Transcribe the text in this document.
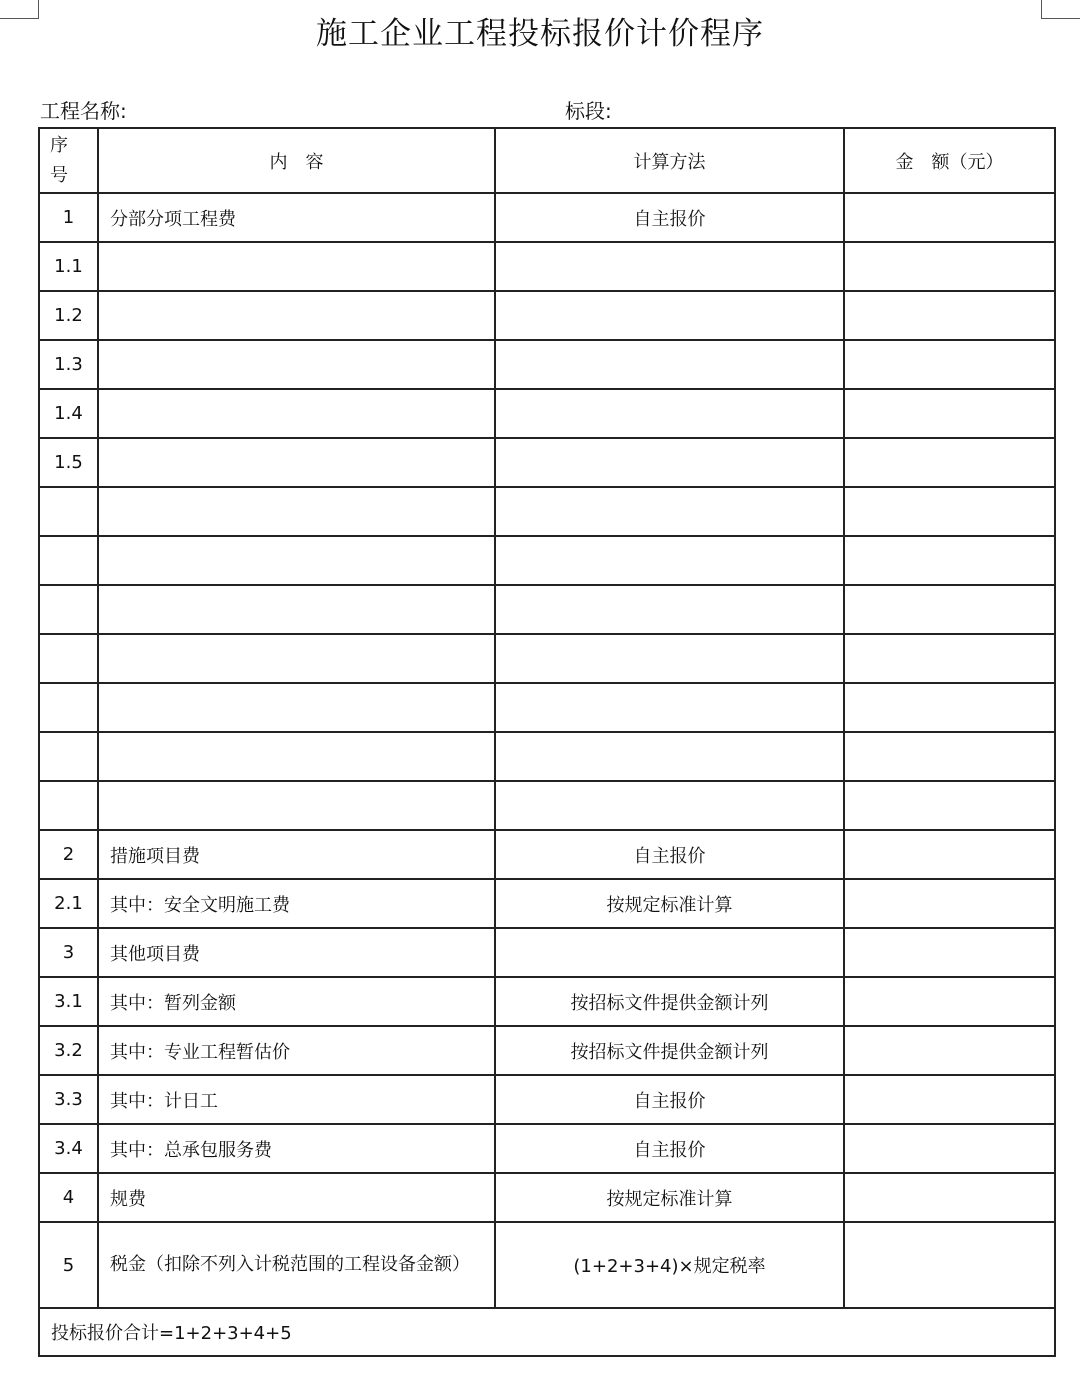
施工企业工程投标报价计价程序
工程名称:	标段:
序
号	内　容	计算方法	金　额（元）
1	分部分项工程费	自主报价	
1.1			
1.2			
1.3			
1.4			
1.5			

2	措施项目费	自主报价	
2.1	其中：安全文明施工费	按规定标准计算	
3	其他项目费		
3.1	其中：暂列金额	按招标文件提供金额计列	
3.2	其中：专业工程暂估价	按招标文件提供金额计列	
3.3	其中：计日工	自主报价	
3.4	其中：总承包服务费	自主报价	
4	规费	按规定标准计算	
5	税金（扣除不列入计税范围的工程设备金额）	(1+2+3+4)×规定税率	
投标报价合计=1+2+3+4+5			
